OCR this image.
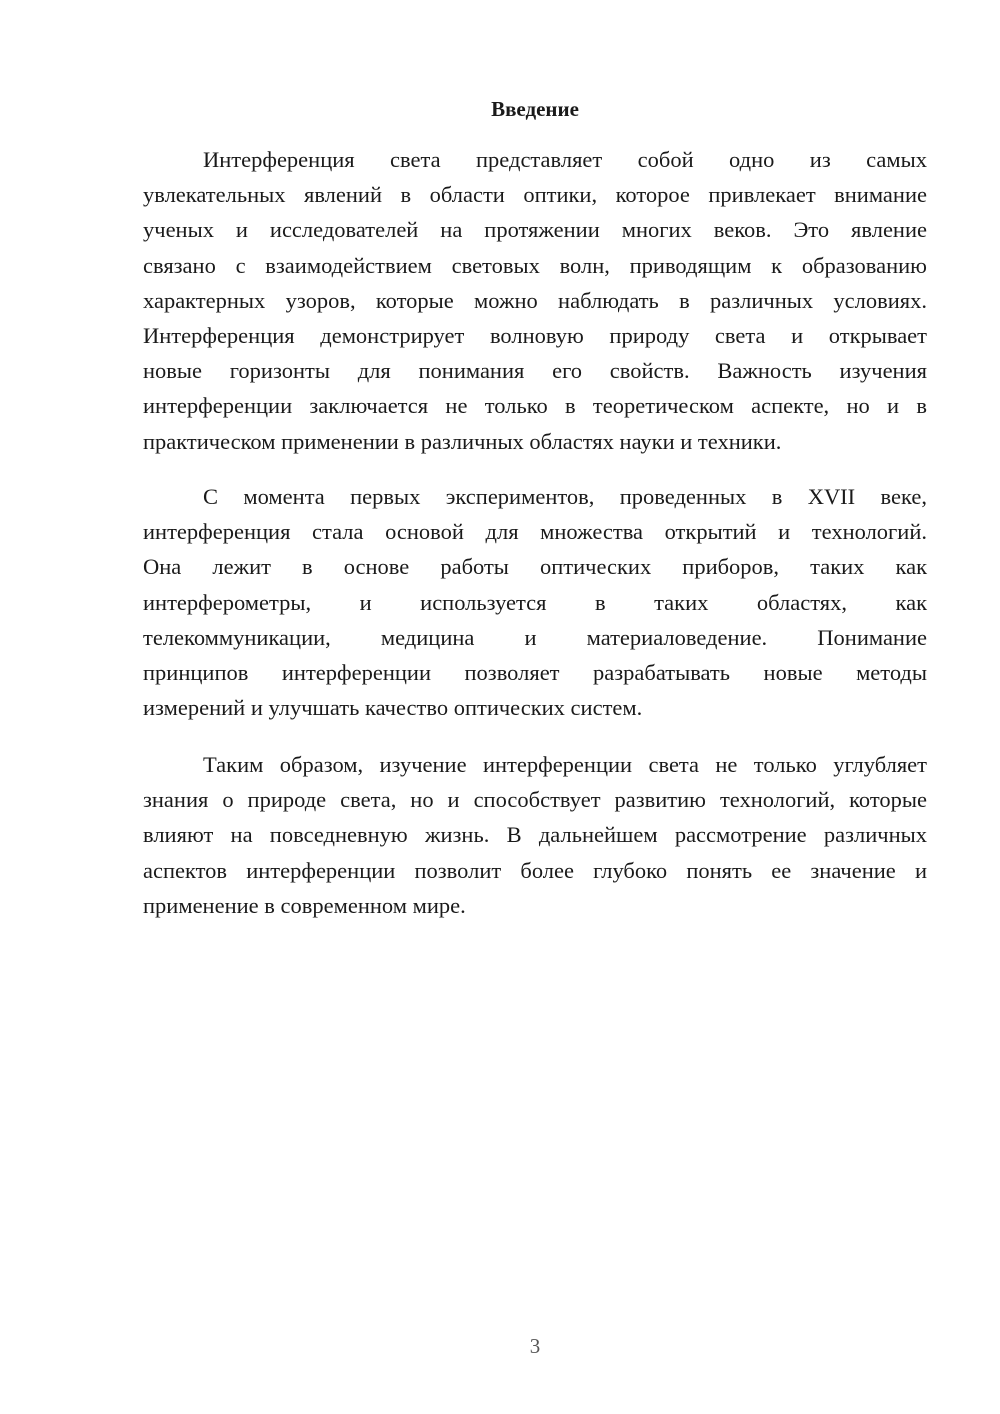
Введение
Интерференция света представляет собой одно из самых
увлекательных явлений в области оптики, которое привлекает внимание
ученых и исследователей на протяжении многих веков. Это явление
связано с взаимодействием световых волн, приводящим к образованию
характерных узоров, которые можно наблюдать в различных условиях.
Интерференция демонстрирует волновую природу света и открывает
новые горизонты для понимания его свойств. Важность изучения
интерференции заключается не только в теоретическом аспекте, но и в
практическом применении в различных областях науки и техники.
С момента первых экспериментов, проведенных в XVII веке,
интерференция стала основой для множества открытий и технологий.
Она лежит в основе работы оптических приборов, таких как
интерферометры, и используется в таких областях, как
телекоммуникации, медицина и материаловедение. Понимание
принципов интерференции позволяет разрабатывать новые методы
измерений и улучшать качество оптических систем.
Таким образом, изучение интерференции света не только углубляет
знания о природе света, но и способствует развитию технологий, которые
влияют на повседневную жизнь. В дальнейшем рассмотрение различных
аспектов интерференции позволит более глубоко понять ее значение и
применение в современном мире.
3
